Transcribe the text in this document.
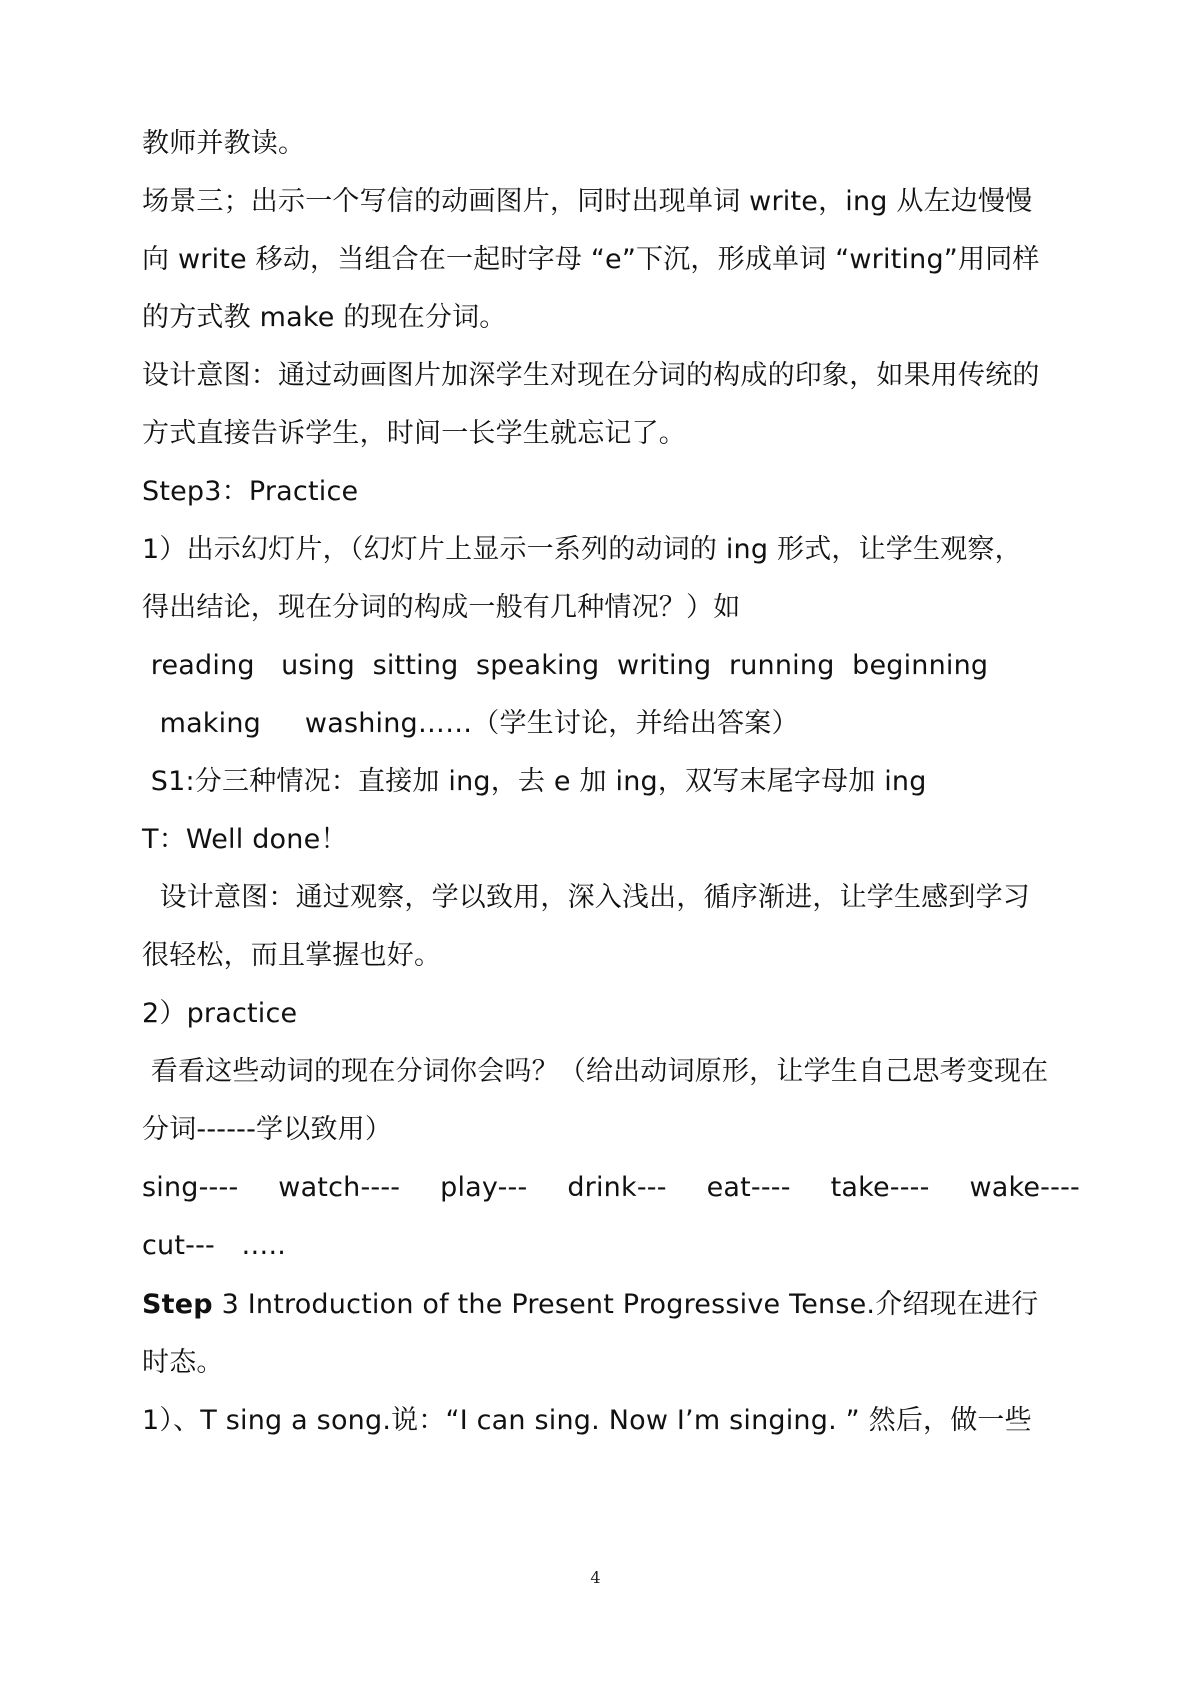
教师并教读。
场景三；出示一个写信的动画图片，同时出现单词 write，ing 从左边慢慢
向 write 移动，当组合在一起时字母 “e”下沉，形成单词 “writing”用同样
的方式教 make 的现在分词。
设计意图：通过动画图片加深学生对现在分词的构成的印象，如果用传统的
方式直接告诉学生，时间一长学生就忘记了。
Step3：Practice
1）出示幻灯片，（幻灯片上显示一系列的动词的 ing 形式，让学生观察，
得出结论，现在分词的构成一般有几种情况？）如
reading   using  sitting  speaking  writing  running  beginning
making     washing……（学生讨论，并给出答案）
S1:分三种情况：直接加 ing，去 e 加 ing，双写末尾字母加 ing
T：Well done！
设计意图：通过观察，学以致用，深入浅出，循序渐进，让学生感到学习
很轻松，而且掌握也好。
2）practice
看看这些动词的现在分词你会吗？（给出动词原形，让学生自己思考变现在
分词------学以致用）
sing---- watch---- play--- drink--- eat---- take---- wake----
cut---   …..
Step 3 Introduction of the Present Progressive Tense.介绍现在进行
时态。
1）、T sing a song.说：“I can sing. Now I’m singing. ” 然后，做一些
4
